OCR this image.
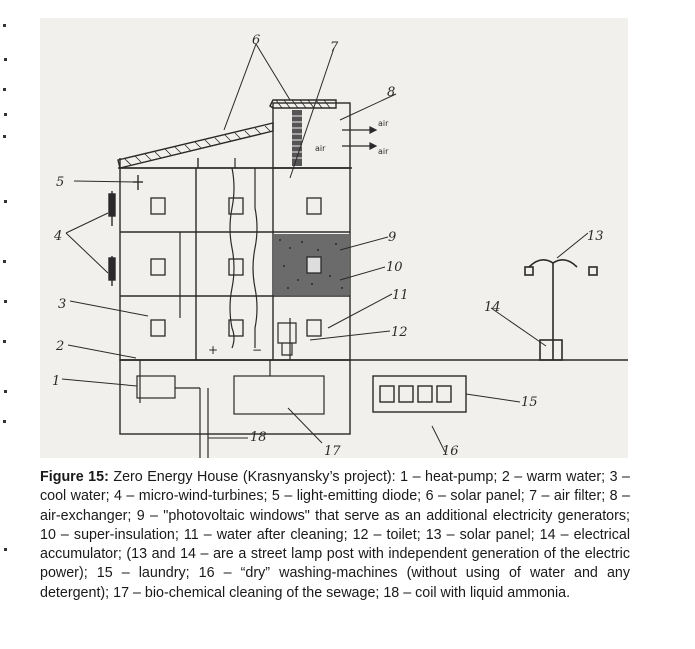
air
air
air
+	−
1
2
3
4
5
6	7
8
9
10
11
12
13
14
15
16
17
18
Figure 15: Zero Energy House (Krasnyansky’s project): 1 – heat-pump; 2 – warm water; 3 – cool water; 4 – micro-wind-turbines; 5 – light-emitting diode; 6 – solar panel; 7 – air filter; 8 – air-exchanger; 9 – "photovoltaic windows" that serve as an additional electricity generators; 10 – super-insulation; 11 – water after cleaning; 12 – toilet; 13 – solar panel; 14 – electrical accumulator; (13 and 14 – are a street lamp post with independent generation of the electric power); 15 – laundry; 16 – “dry” washing-machines (without using of water and any detergent); 17 – bio-chemical cleaning of the sewage; 18 – coil with liquid ammonia.
